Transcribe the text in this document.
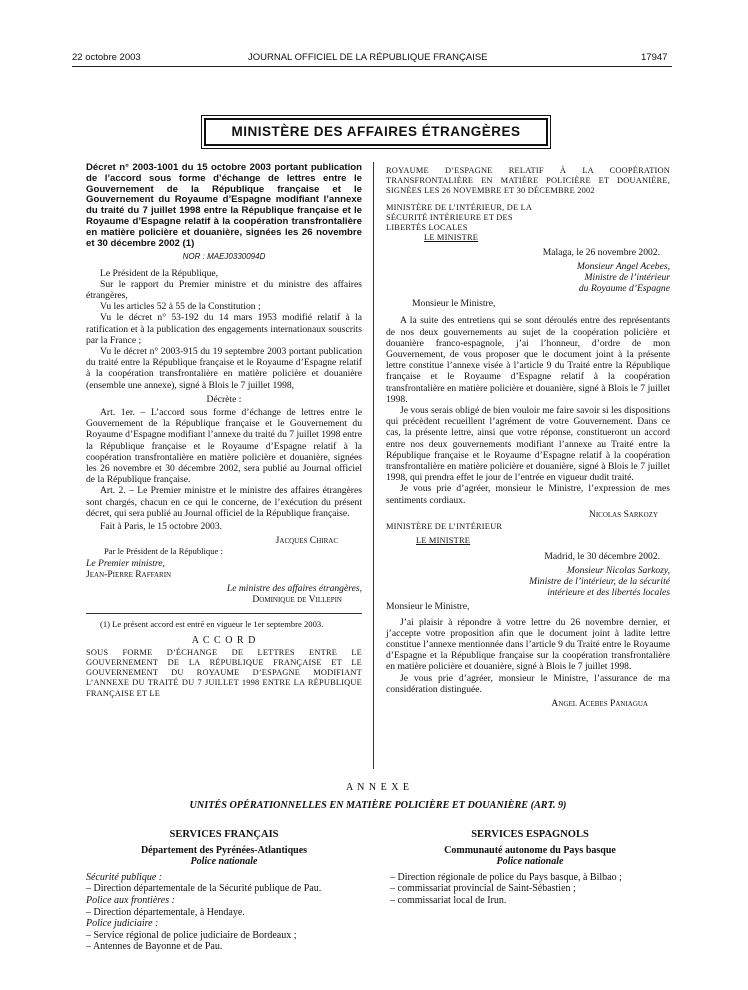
22 octobre 2003	JOURNAL OFFICIEL DE LA RÉPUBLIQUE FRANÇAISE	17947
MINISTÈRE DES AFFAIRES ÉTRANGÈRES
Décret n° 2003-1001 du 15 octobre 2003 portant publication de l’accord sous forme d’échange de lettres entre le Gouvernement de la République française et le Gouvernement du Royaume d’Espagne modifiant l’annexe du traité du 7 juillet 1998 entre la République française et le Royaume d’Espagne relatif à la coopération transfrontalière en matière policière et douanière, signées les 26 novembre et 30 décembre 2002 (1)
NOR : MAEJ0330094D

Le Président de la République,

Sur le rapport du Premier ministre et du ministre des affaires étrangères,

Vu les articles 52 à 55 de la Constitution ;

Vu le décret n° 53-192 du 14 mars 1953 modifié relatif à la ratification et à la publication des engagements internationaux souscrits par la France ;

Vu le décret n° 2003-915 du 19 septembre 2003 portant publication du traité entre la République française et le Royaume d’Espagne relatif à la coopération transfrontalière en matière policière et douanière (ensemble une annexe), signé à Blois le 7 juillet 1998,

Décrète :

Art. 1er. – L’accord sous forme d’échange de lettres entre le Gouvernement de la République française et le Gouvernement du Royaume d’Espagne modifiant l’annexe du traité du 7 juillet 1998 entre la République française et le Royaume d’Espagne relatif à la coopération transfrontalière en matière policière et douanière, signées les 26 novembre et 30 décembre 2002, sera publié au Journal officiel de la République française.

Art. 2. – Le Premier ministre et le ministre des affaires étrangères sont chargés, chacun en ce qui le concerne, de l’exécution du présent décret, qui sera publié au Journal officiel de la République française.

Fait à Paris, le 15 octobre 2003.

Jacques Chirac

Par le Président de la République :

Le Premier ministre,

Jean-Pierre Raffarin

Le ministre des affaires étrangères,

Dominique de Villepin

(1) Le présent accord est entré en vigueur le 1er septembre 2003.

A C C O R D

SOUS FORME D’ÉCHANGE DE LETTRES ENTRE LE GOUVERNEMENT DE LA RÉPUBLIQUE FRANÇAISE ET LE GOUVERNEMENT DU ROYAUME D’ESPAGNE MODIFIANT L’ANNEXE DU TRAITÉ DU 7 JUILLET 1998 ENTRE LA RÉPUBLIQUE FRANÇAISE ET LE

ROYAUME D’ESPAGNE RELATIF À LA COOPÉRATION TRANSFRONTALIÈRE EN MATIÈRE POLICIÈRE ET DOUANIÈRE, SIGNÉES LES 26 NOVEMBRE ET 30 DÉCEMBRE 2002

MINISTÈRE DE L’INTÉRIEUR, DE LA SÉCURITÉ INTÉRIEURE ET DES LIBERTÉS LOCALES

LE MINISTRE

Malaga, le 26 novembre 2002.

Monsieur Angel Acebes,

Ministre de l’intérieur

du Royaume d’Espagne

Monsieur le Ministre,

A la suite des entretiens qui se sont déroulés entre des représentants de nos deux gouvernements au sujet de la coopération policière et douanière franco-espagnole, j’ai l’honneur, d’ordre de mon Gouvernement, de vous proposer que le document joint à la présente lettre constitue l’annexe visée à l’article 9 du Traité entre la République française et le Royaume d’Espagne relatif à la coopération transfrontalière en matière policière et douanière, signé à Blois le 7 juillet 1998.

Je vous serais obligé de bien vouloir me faire savoir si les dispositions qui précèdent recueillent l’agrément de votre Gouvernement. Dans ce cas, la présente lettre, ainsi que votre réponse, constitueront un accord entre nos deux gouvernements modifiant l’annexe au Traité entre la République française et le Royaume d’Espagne relatif à la coopération transfrontalière en matière policière et douanière, signé à Blois le 7 juillet 1998, qui prendra effet le jour de l’entrée en vigueur dudit traité.

Je vous prie d’agréer, monsieur le Ministre, l’expression de mes sentiments cordiaux.

Nicolas Sarkozy

MINISTÈRE DE L’INTÉRIEUR

LE MINISTRE

Madrid, le 30 décembre 2002.

Monsieur Nicolas Sarkozy,

Ministre de l’intérieur, de la sécurité

intérieure et des libertés locales

Monsieur le Ministre,

J’ai plaisir à répondre à votre lettre du 26 novembre dernier, et j’accepte votre proposition afin que le document joint à ladite lettre constitue l’annexe mentionnée dans l’article 9 du Traité entre le Royaume d’Espagne et la République française sur la coopération transfrontalière en matière policière et douanière, signé à Blois le 7 juillet 1998.

Je vous prie d’agréer, monsieur le Ministre, l’assurance de ma considération distinguée.

Angel Acebes Paniagua

A N N E X E
UNITÉS OPÉRATIONNELLES EN MATIÈRE POLICIÈRE ET DOUANIÈRE (ART. 9)
SERVICES FRANÇAIS
Département des Pyrénées-Atlantiques
Police nationale
Sécurité publique :
– Direction départementale de la Sécurité publique de Pau.
Police aux frontières :
– Direction départementale, à Hendaye.
Police judiciaire :
– Service régional de police judiciaire de Bordeaux ;
– Antennes de Bayonne et de Pau.
SERVICES ESPAGNOLS
Communauté autonome du Pays basque
Police nationale
– Direction régionale de police du Pays basque, à Bilbao ;
– commissariat provincial de Saint-Sébastien ;
– commissariat local de Irun.
